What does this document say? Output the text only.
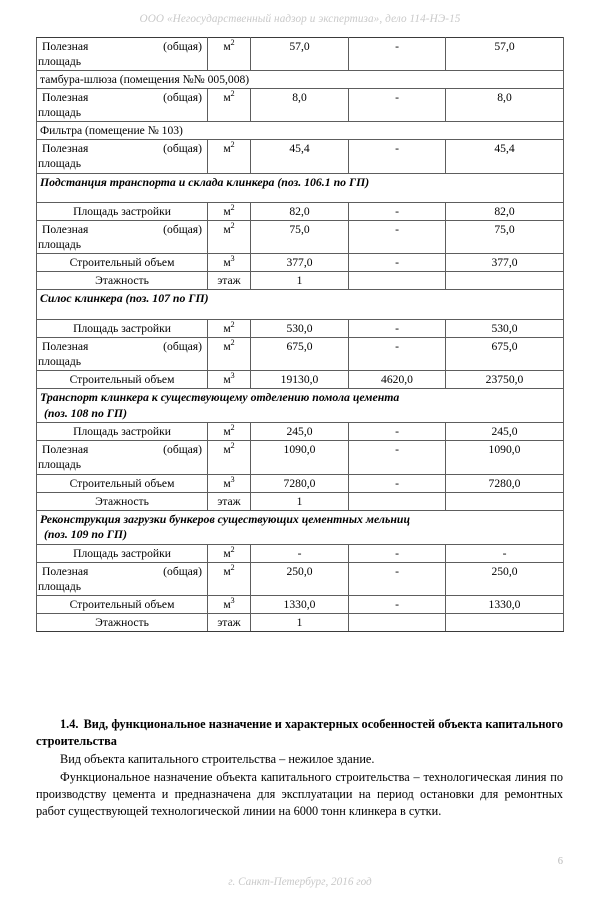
ООО «Негосударственный надзор и экспертиза», дело 114-НЭ-15
Полезная (общая)
площадь	$м^2$	57,0	-	57,0
тамбура-шлюза (помещения №№ 005,008)				

Полезная (общая)
площадь	$м^2$	8,0	-	8,0
Фильтра (помещение № 103)				

Полезная (общая)
площадь	$м^2$	45,4	-	45,4
Подстанция транспорта и склада клинкера (поз. 106.1 по ГП)				

Площадь застройки	$м^2$	82,0	-	82,0

Полезная (общая)
площадь	$м^2$	75,0	-	75,0

Строительный объем	$м^3$	377,0	-	377,0

Этажность	этаж	1		
Силос клинкера (поз. 107 по ГП)				

Площадь застройки	$м^2$	530,0	-	530,0

Полезная (общая)
площадь	$м^2$	675,0	-	675,0

Строительный объем	$м^3$	19130,0	4620,0	23750,0
Транспорт клинкера к существующему отделению помола цемента
(поз. 108 по ГП)				

Площадь застройки	$м^2$	245,0	-	245,0

Полезная (общая)
площадь	$м^2$	1090,0	-	1090,0

Строительный объем	$м^3$	7280,0	-	7280,0

Этажность	этаж	1		
Реконструкция загрузки бункеров существующих цементных мельниц
(поз. 109 по ГП)				

Площадь застройки	$м^2$	-	-	-

Полезная (общая)
площадь	$м^2$	250,0	-	250,0

Строительный объем	$м^3$	1330,0	-	1330,0

Этажность	этаж	1		
1.4. Вид, функциональное назначение и характерных особенностей объекта капитального строительства

Вид объекта капитального строительства – нежилое здание.

Функциональное назначение объекта капитального строительства – технологическая линия по производству цемента и предназначена для эксплуатации на период остановки для ремонтных работ существующей технологической линии на 6000 тонн клинкера в сутки.

6
г. Санкт-Петербург, 2016 год
